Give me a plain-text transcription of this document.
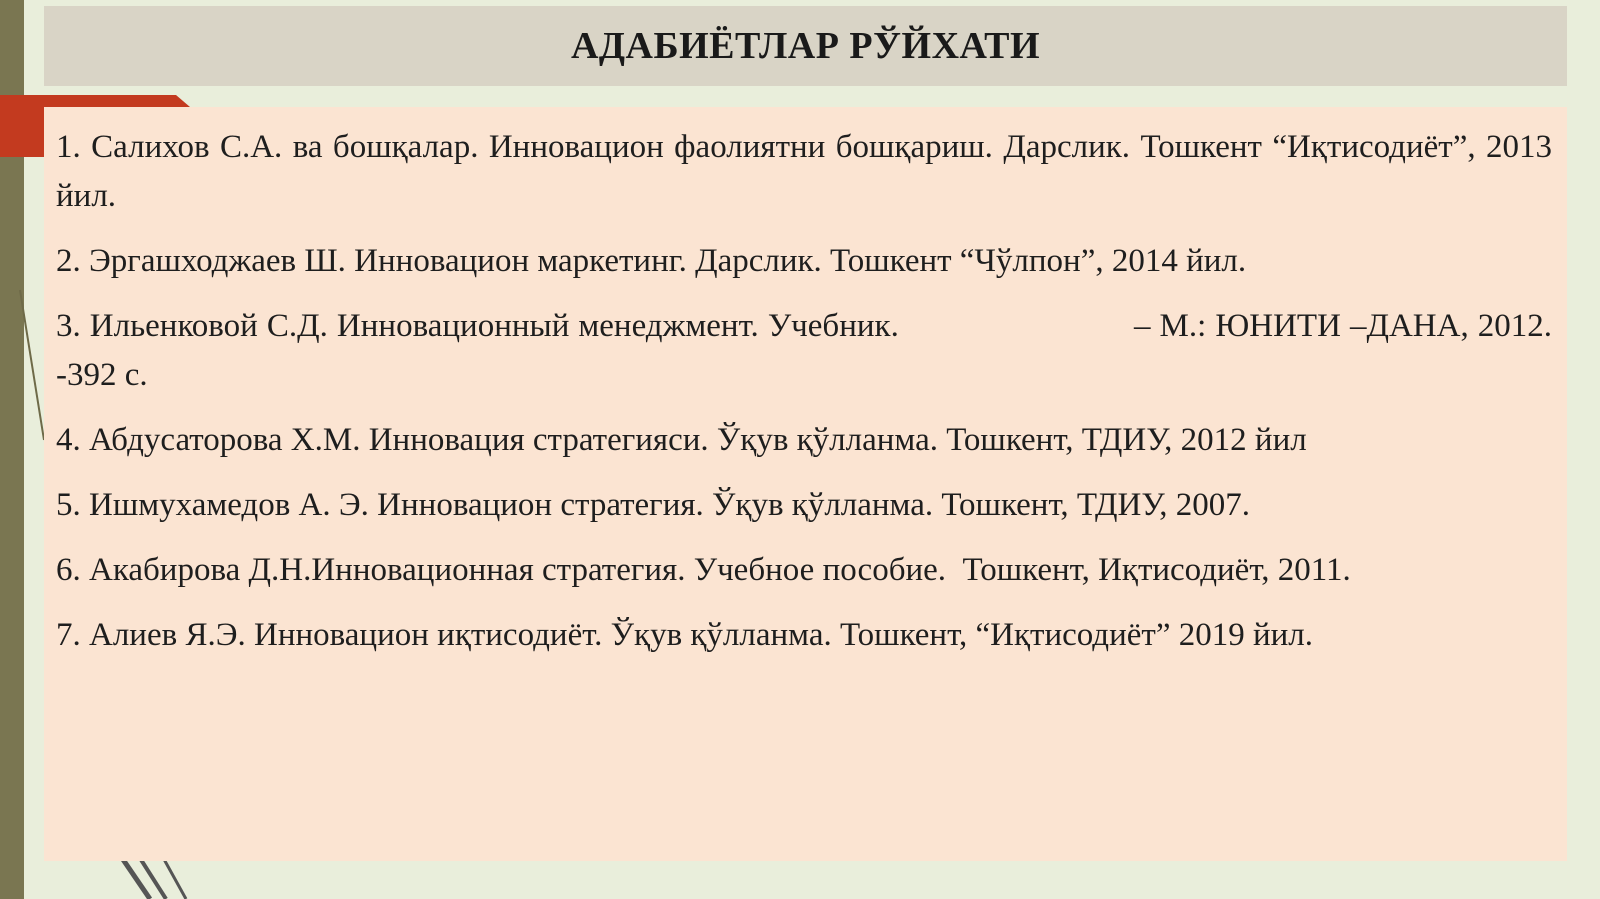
АДАБИЁТЛАР РЎЙХАТИ
1. Салихов С.А. ва бошқалар. Инновацион фаолиятни бошқариш. Дарслик. Тошкент “Иқтисодиёт”, 2013 йил.
2. Эргашходжаев Ш. Инновацион маркетинг. Дарслик. Тошкент “Чўлпон”, 2014 йил.
3. Ильенковой С.Д. Инновационный менеджмент. Учебник.                          – М.: ЮНИТИ –ДАНА, 2012. -392 с.
4. Абдусаторова Х.М. Инновация стратегияси. Ўқув қўлланма. Тошкент, ТДИУ, 2012 йил
5. Ишмухамедов А. Э. Инновацион стратегия. Ўқув қўлланма. Тошкент, ТДИУ, 2007.
6. Акабирова Д.Н.Инновационная стратегия. Учебное пособие.  Тошкент, Иқтисодиёт, 2011.
7. Алиев Я.Э. Инновацион иқтисодиёт. Ўқув қўлланма. Тошкент, “Иқтисодиёт” 2019 йил.
